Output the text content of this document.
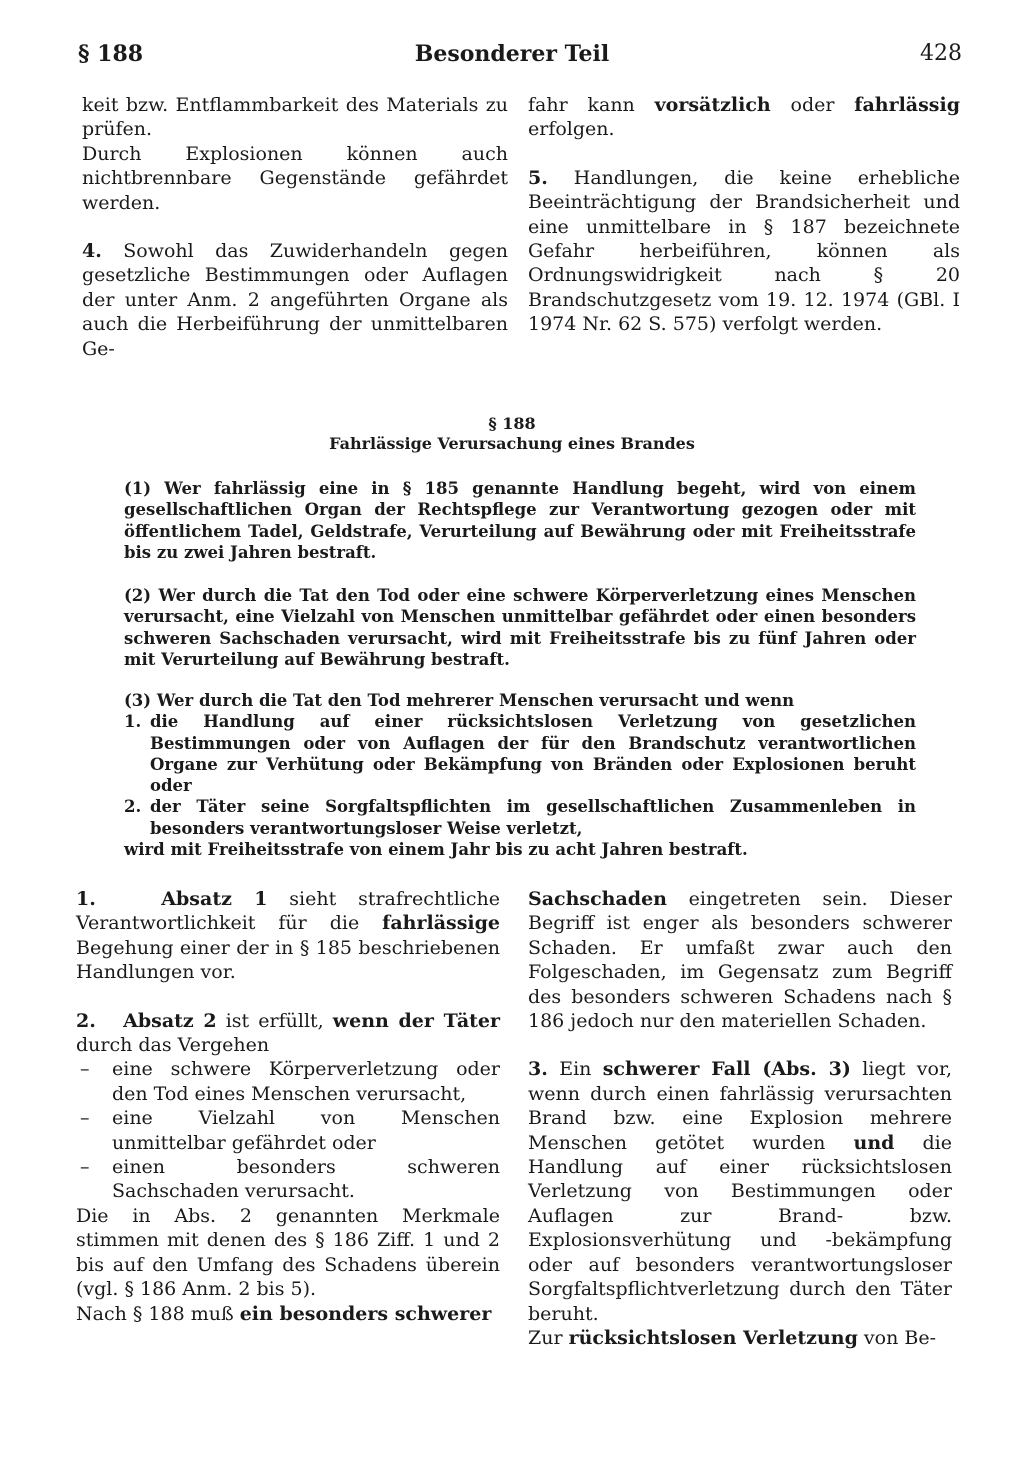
§ 188	Besonderer Teil	428

keit bzw. Entflammbarkeit des Materials zu prüfen.

Durch Explosionen können auch nichtbrennbare Gegenstände gefährdet werden.

4. Sowohl das Zuwiderhandeln gegen gesetzliche Bestimmungen oder Auflagen der unter Anm. 2 angeführten Organe als auch die Herbeiführung der unmittelbaren Ge-

fahr kann vorsätzlich oder fahrlässig erfolgen.

5. Handlungen, die keine erhebliche Beeinträchtigung der Brandsicherheit und eine unmittelbare in § 187 bezeichnete Gefahr herbeiführen, können als Ordnungswidrigkeit nach § 20 Brandschutzgesetz vom 19. 12. 1974 (GBl. I 1974 Nr. 62 S. 575) verfolgt werden.

§ 188
Fahrlässige Verursachung eines Brandes

(1) Wer fahrlässig eine in § 185 genannte Handlung begeht, wird von einem gesellschaftlichen Organ der Rechtspflege zur Verantwortung gezogen oder mit öffentlichem Tadel, Geldstrafe, Verurteilung auf Bewährung oder mit Freiheitsstrafe bis zu zwei Jahren bestraft.

(2) Wer durch die Tat den Tod oder eine schwere Körperverletzung eines Menschen verursacht, eine Vielzahl von Menschen unmittelbar gefährdet oder einen besonders schweren Sachschaden verursacht, wird mit Freiheitsstrafe bis zu fünf Jahren oder mit Verurteilung auf Bewährung bestraft.

(3) Wer durch die Tat den Tod mehrerer Menschen verursacht und wenn

1. die Handlung auf einer rücksichtslosen Verletzung von gesetzlichen Bestimmungen oder von Auflagen der für den Brandschutz verantwortlichen Organe zur Verhütung oder Bekämpfung von Bränden oder Explosionen beruht oder
2. der Täter seine Sorgfaltspflichten im gesellschaftlichen Zusammenleben in besonders verantwortungsloser Weise verletzt,

wird mit Freiheitsstrafe von einem Jahr bis zu acht Jahren bestraft.

1.	Absatz 1 sieht strafrechtliche Verantwortlichkeit für die fahrlässige Begehung einer der in § 185 beschriebenen Handlungen vor.

2. Absatz 2 ist erfüllt, wenn der Täter durch das Vergehen

– eine schwere Körperverletzung oder den Tod eines Menschen verursacht,
– eine Vielzahl von Menschen unmittelbar gefährdet oder
– einen besonders schweren Sachschaden verursacht.

Die in Abs. 2 genannten Merkmale stimmen mit denen des § 186 Ziff. 1 und 2 bis auf den Umfang des Schadens überein (vgl. § 186 Anm. 2 bis 5).

Nach § 188 muß ein besonders schwerer

Sachschaden eingetreten sein. Dieser Begriff ist enger als besonders schwerer Schaden. Er umfaßt zwar auch den Folgeschaden, im Gegensatz zum Begriff des besonders schweren Schadens nach § 186 jedoch nur den materiellen Schaden.

3. Ein schwerer Fall (Abs. 3) liegt vor, wenn durch einen fahrlässig verursachten Brand bzw. eine Explosion mehrere Menschen getötet wurden und die Handlung auf einer rücksichtslosen Verletzung von Bestimmungen oder Auflagen zur Brand- bzw. Explosionsverhütung und -bekämpfung oder auf besonders verantwortungsloser Sorgfaltspflichtverletzung durch den Täter beruht.

Zur rücksichtslosen Verletzung von Be-
